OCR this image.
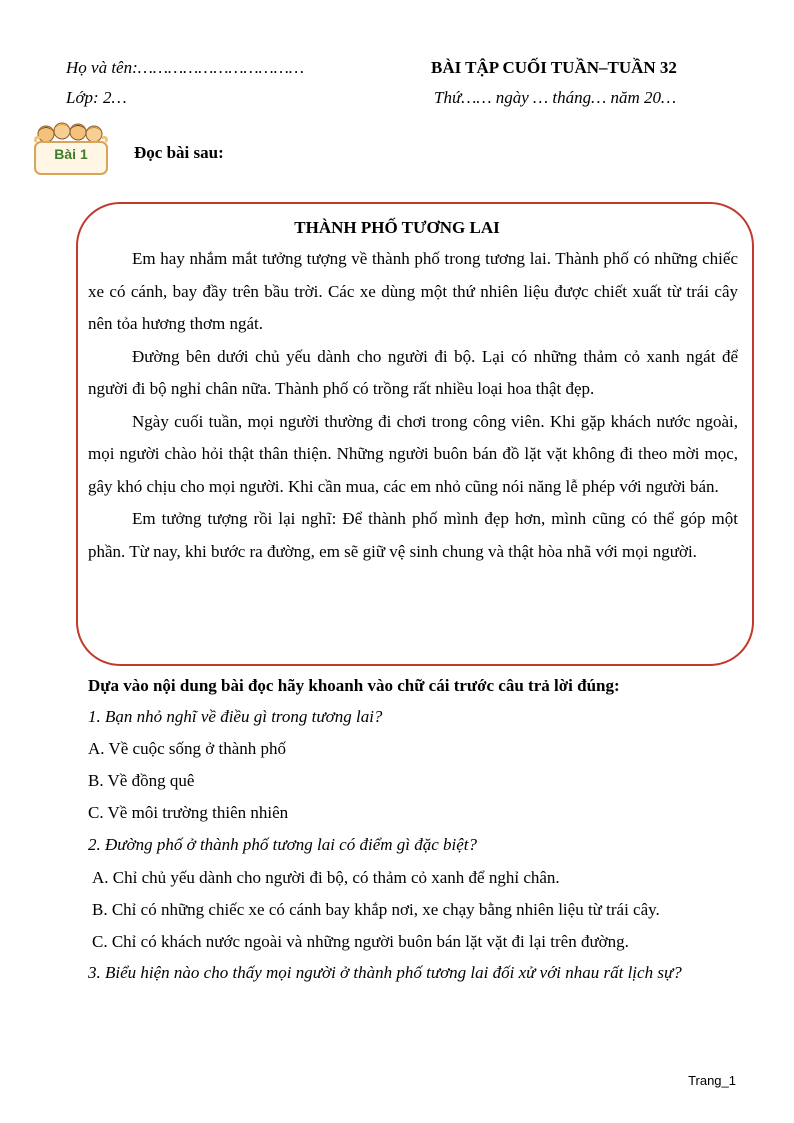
Họ và tên:……………………………
Lớp: 2…
BÀI TẬP CUỐI TUẦN–TUẦN 32
Thứ…… ngày … tháng… năm 20…
Bài 1	Đọc bài sau:
THÀNH PHỐ TƯƠNG LAI

Em hay nhắm mắt tưởng tượng về thành phố trong tương lai. Thành phố có những chiếc xe có cánh, bay đầy trên bầu trời. Các xe dùng một thứ nhiên liệu được chiết xuất từ trái cây nên tỏa hương thơm ngát.

Đường bên dưới chủ yếu dành cho người đi bộ. Lại có những thảm cỏ xanh ngát để người đi bộ nghỉ chân nữa. Thành phố có trồng rất nhiều loại hoa thật đẹp.

Ngày cuối tuần, mọi người thường đi chơi trong công viên. Khi gặp khách nước ngoài, mọi người chào hỏi thật thân thiện. Những người buôn bán đồ lặt vặt không đi theo mời mọc, gây khó chịu cho mọi người. Khi cần mua, các em nhỏ cũng nói năng lễ phép với người bán.

Em tưởng tượng rồi lại nghĩ: Để thành phố mình đẹp hơn, mình cũng có thể góp một phần. Từ nay, khi bước ra đường, em sẽ giữ vệ sinh chung và thật hòa nhã với mọi người.

Dựa vào nội dung bài đọc hãy khoanh vào chữ cái trước câu trả lời đúng:
1. Bạn nhỏ nghĩ về điều gì trong tương lai?
A. Về cuộc sống ở thành phố
B. Về đồng quê
C. Về môi trường thiên nhiên
2. Đường phố ở thành phố tương lai có điểm gì đặc biệt?
A. Chỉ chủ yếu dành cho người đi bộ, có thảm cỏ xanh để nghỉ chân.
B. Chỉ có những chiếc xe có cánh bay khắp nơi, xe chạy bằng nhiên liệu từ trái cây.
C. Chỉ có khách nước ngoài và những người buôn bán lặt vặt đi lại trên đường.
3. Biểu hiện nào cho thấy mọi người ở thành phố tương lai đối xử với nhau rất lịch sự?
Trang_1
